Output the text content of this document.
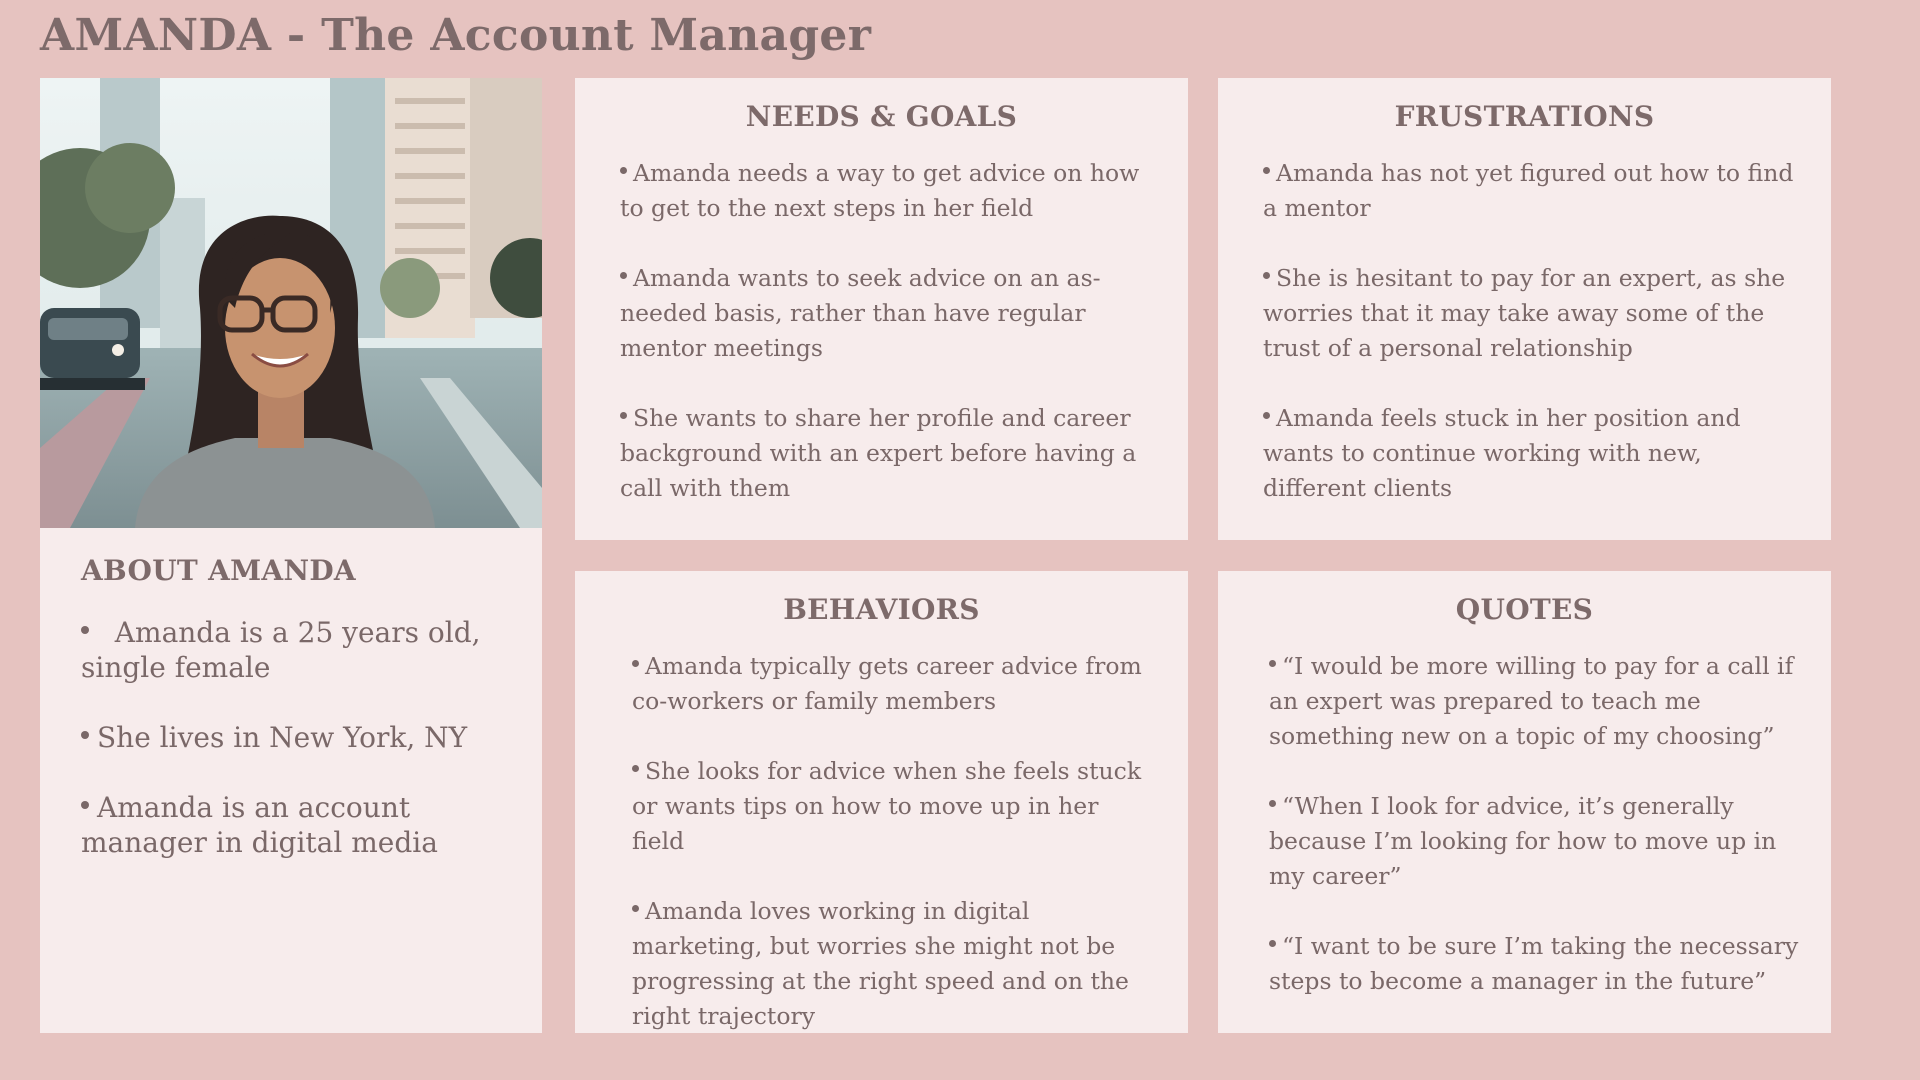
AMANDA - The Account Manager
ABOUT AMANDA

Amanda is a 25 years old, single female

She lives in New York, NY

Amanda is an account manager in digital media

NEEDS & GOALS

Amanda needs a way to get advice on how to get to the next steps in her field

Amanda wants to seek advice on an as-needed basis, rather than have regular mentor meetings

She wants to share her profile and career background with an expert before having a call with them

FRUSTRATIONS

Amanda has not yet figured out how to find a mentor

She is hesitant to pay for an expert, as she worries that it may take away some of the trust of a personal relationship

Amanda feels stuck in her position and wants to continue working with new, different clients

BEHAVIORS

Amanda typically gets career advice from co-workers or family members

She looks for advice when she feels stuck or wants tips on how to move up in her field

Amanda loves working in digital marketing, but worries she might not be progressing at the right speed and on the right trajectory

QUOTES

“I would be more willing to pay for a call if an expert was prepared to teach me something new on a topic of my choosing”

“When I look for advice, it’s generally because I’m looking for how to move up in my career”

“I want to be sure I’m taking the necessary steps to become a manager in the future”
